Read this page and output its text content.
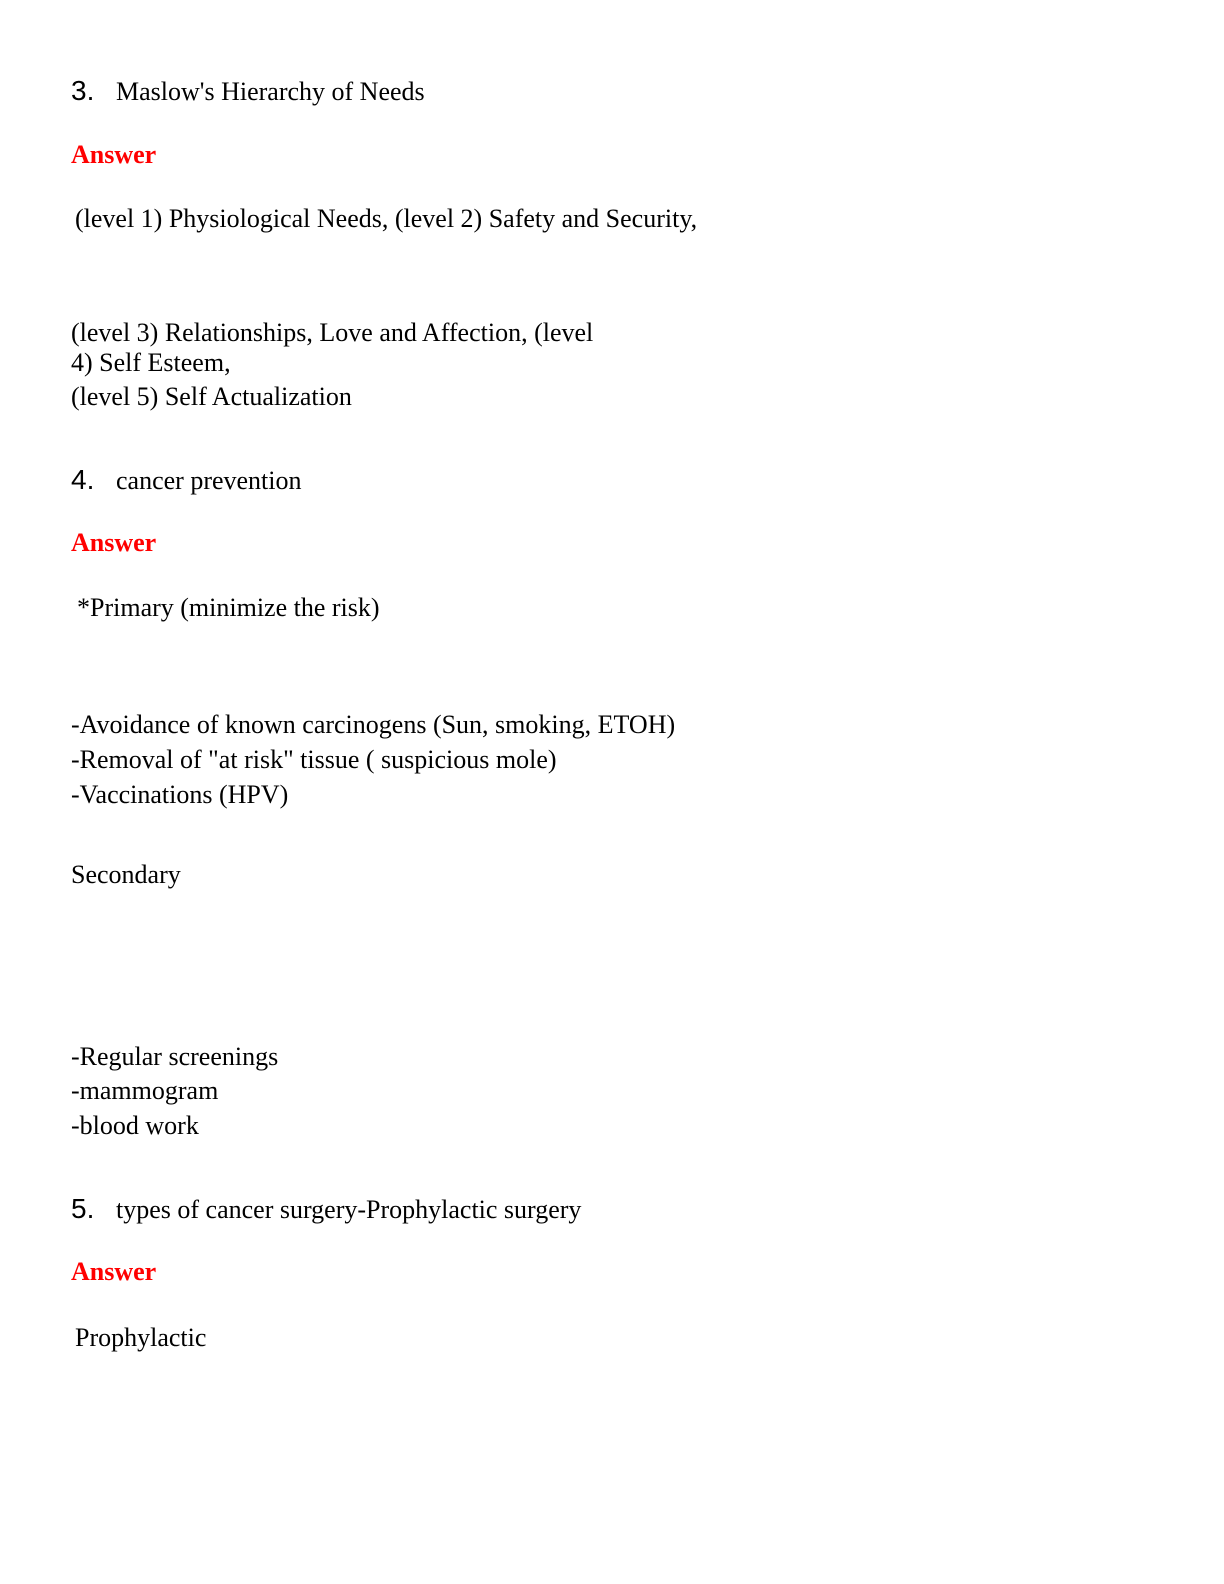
3. Maslow's Hierarchy of Needs
Answer
(level 1) Physiological Needs, (level 2) Safety and Security,
(level 3) Relationships, Love and Affection, (level
4) Self Esteem,
(level 5) Self Actualization
4. cancer prevention
Answer
*Primary (minimize the risk)
-Avoidance of known carcinogens (Sun, smoking, ETOH)
-Removal of "at risk" tissue ( suspicious mole)
-Vaccinations (HPV)
Secondary
-Regular screenings
-mammogram
-blood work
5. types of cancer surgery-Prophylactic surgery
Answer
Prophylactic
